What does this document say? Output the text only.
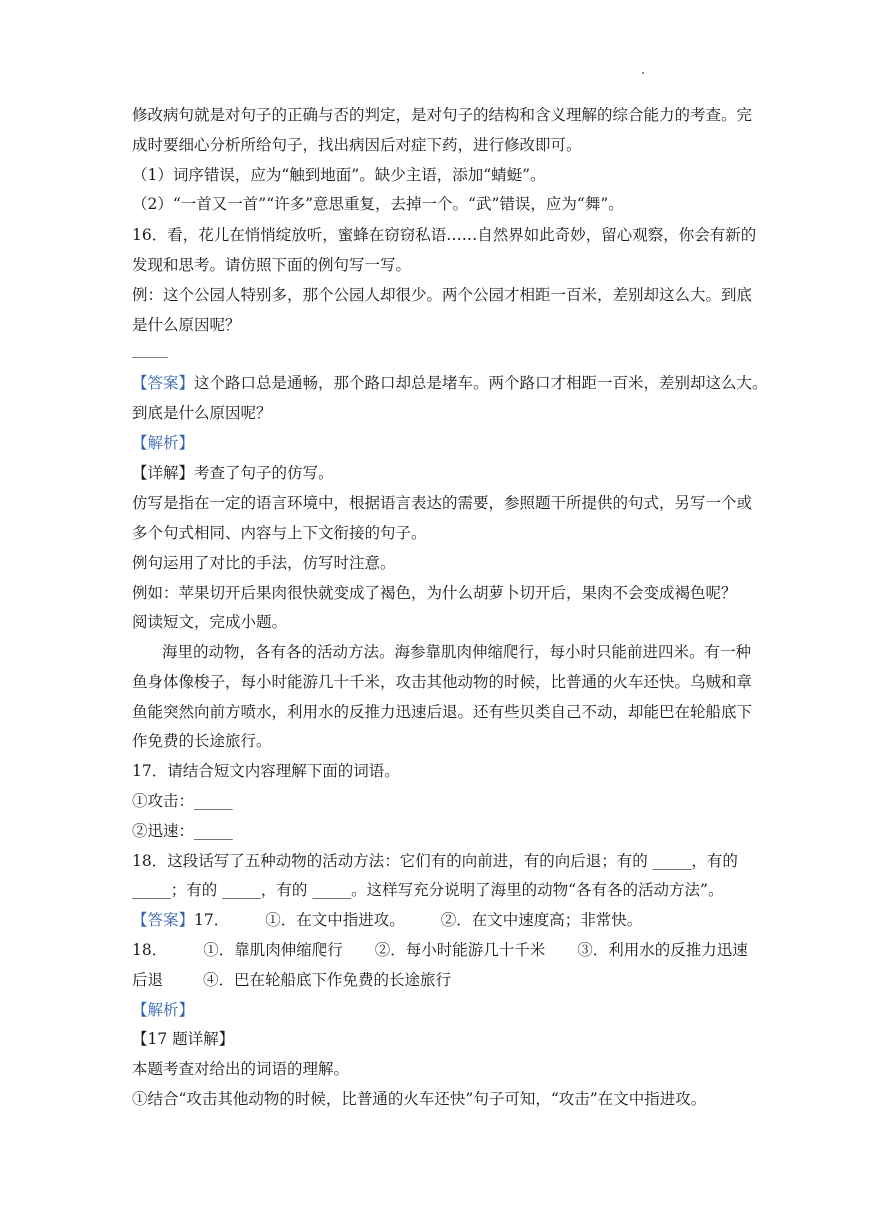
修改病句就是对句子的正确与否的判定，是对句子的结构和含义理解的综合能力的考查。完
成时要细心分析所给句子，找出病因后对症下药，进行修改即可。
（1）词序错误，应为“触到地面”。缺少主语，添加“蜻蜓”。
（2）“一首又一首”“许多”意思重复，去掉一个。“武”错误，应为“舞”。
16．看，花儿在悄悄绽放听，蜜蜂在窃窃私语……自然界如此奇妙，留心观察，你会有新的
发现和思考。请仿照下面的例句写一写。
例：这个公园人特别多，那个公园人却很少。两个公园才相距一百米，差别却这么大。到底
是什么原因呢？
【答案】这个路口总是通畅，那个路口却总是堵车。两个路口才相距一百米，差别却这么大。
到底是什么原因呢？
【解析】
【详解】考查了句子的仿写。
仿写是指在一定的语言环境中，根据语言表达的需要，参照题干所提供的句式，另写一个或
多个句式相同、内容与上下文衔接的句子。
例句运用了对比的手法，仿写时注意。
例如：苹果切开后果肉很快就变成了褐色，为什么胡萝卜切开后，果肉不会变成褐色呢？
阅读短文，完成小题。
海里的动物，各有各的活动方法。海参靠肌肉伸缩爬行，每小时只能前进四米。有一种
鱼身体像梭子，每小时能游几十千米，攻击其他动物的时候，比普通的火车还快。乌贼和章
鱼能突然向前方喷水，利用水的反推力迅速后退。还有些贝类自己不动，却能巴在轮船底下
作免费的长途旅行。
17．请结合短文内容理解下面的词语。
①攻击：_____
②迅速：_____
18．这段话写了五种动物的活动方法：它们有的向前进，有的向后退；有的 _____，有的
_____；有的 _____，有的 _____。这样写充分说明了海里的动物“各有各的活动方法”。
【答案】17． ①．在文中指进攻。 ②．在文中速度高；非常快。
18． ①．靠肌肉伸缩爬行 ②．每小时能游几十千米 ③．利用水的反推力迅速
后退	④．巴在轮船底下作免费的长途旅行
【解析】
【17 题详解】
本题考查对给出的词语的理解。
①结合“攻击其他动物的时候，比普通的火车还快”句子可知，“攻击”在文中指进攻。
